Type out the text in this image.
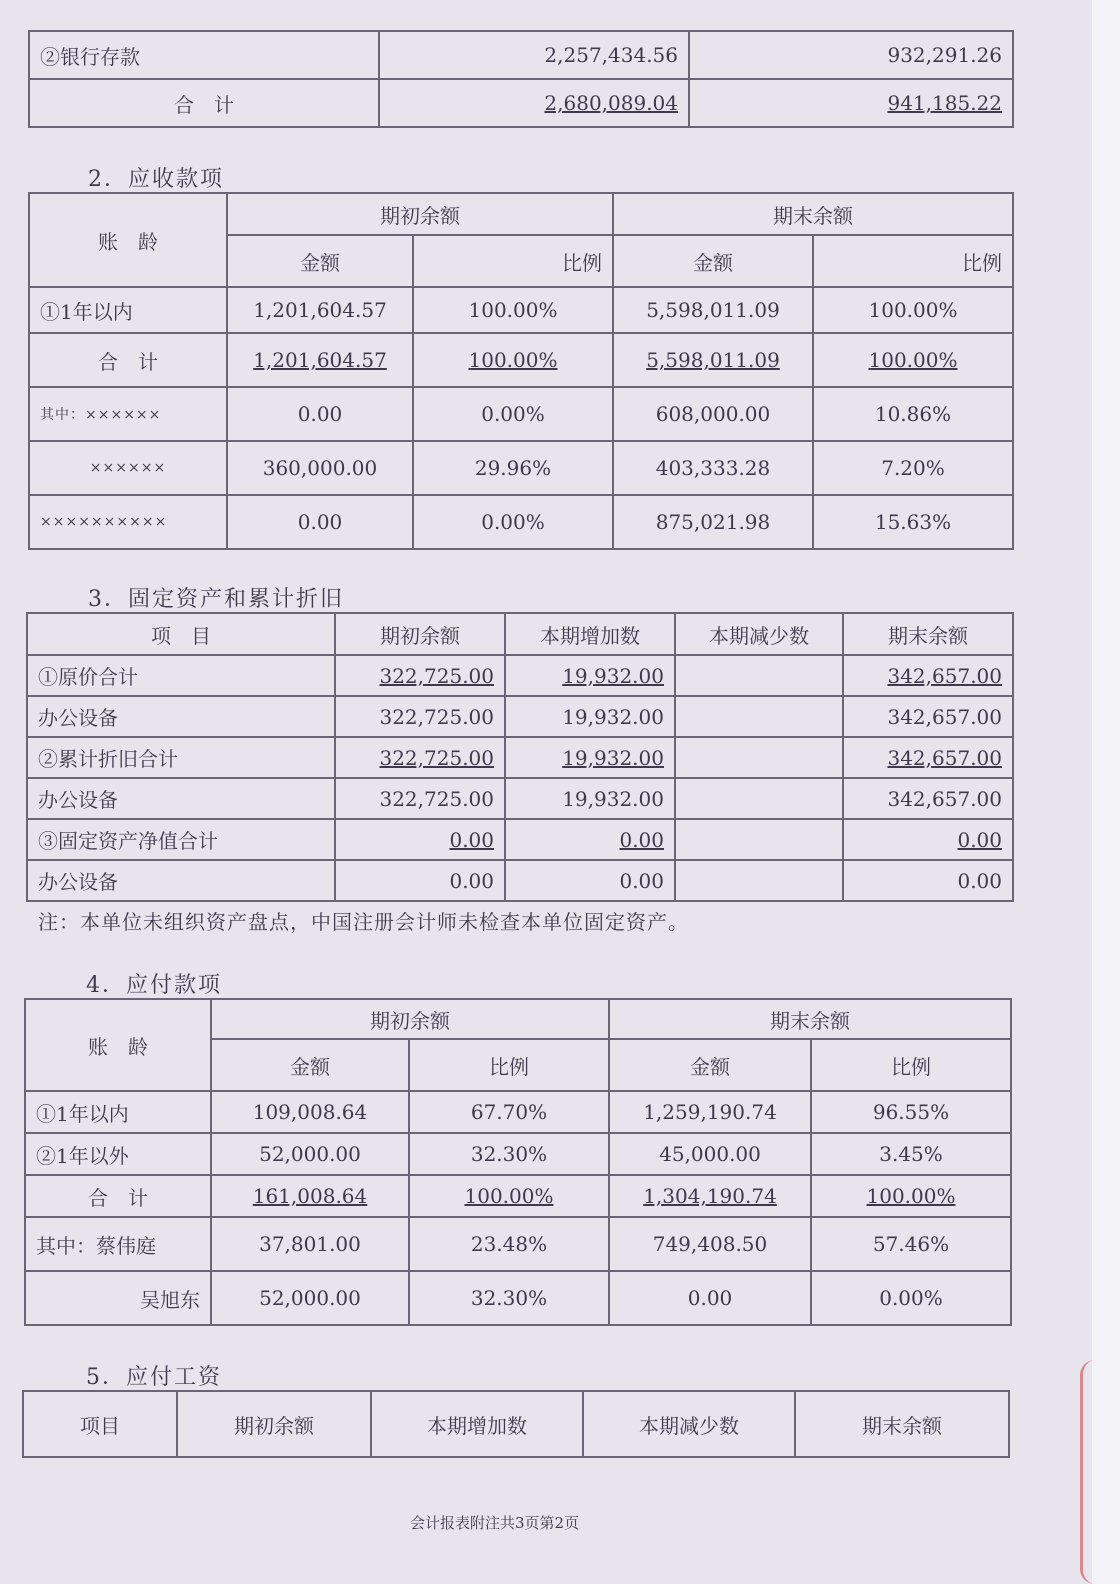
②银行存款	2,257,434.56	932,291.26
合　计	2,680,089.04	941,185.22
2．应收款项
账　龄	期初余额		期末余额	
	金额	比例	金额	比例
①1年以内	1,201,604.57	100.00%	5,598,011.09	100.00%
合　计	1,201,604.57	100.00%	5,598,011.09	100.00%
其中：××××××	0.00	0.00%	608,000.00	10.86%
××××××	360,000.00	29.96%	403,333.28	7.20%
××××××××××	0.00	0.00%	875,021.98	15.63%
3．固定资产和累计折旧
项　目	期初余额	本期增加数	本期减少数	期末余额
①原价合计	322,725.00	19,932.00		342,657.00
办公设备	322,725.00	19,932.00		342,657.00
②累计折旧合计	322,725.00	19,932.00		342,657.00
办公设备	322,725.00	19,932.00		342,657.00
③固定资产净值合计	0.00	0.00		0.00
办公设备	0.00	0.00		0.00
注：本单位未组织资产盘点，中国注册会计师未检查本单位固定资产。
4．应付款项
账　龄	期初余额		期末余额	
	金额	比例	金额	比例
①1年以内	109,008.64	67.70%	1,259,190.74	96.55%
②1年以外	52,000.00	32.30%	45,000.00	3.45%
合　计	161,008.64	100.00%	1,304,190.74	100.00%
其中：蔡伟庭	37,801.00	23.48%	749,408.50	57.46%
吴旭东	52,000.00	32.30%	0.00	0.00%
5．应付工资
项目	期初余额	本期增加数	本期减少数	期末余额
会计报表附注共3页第2页
